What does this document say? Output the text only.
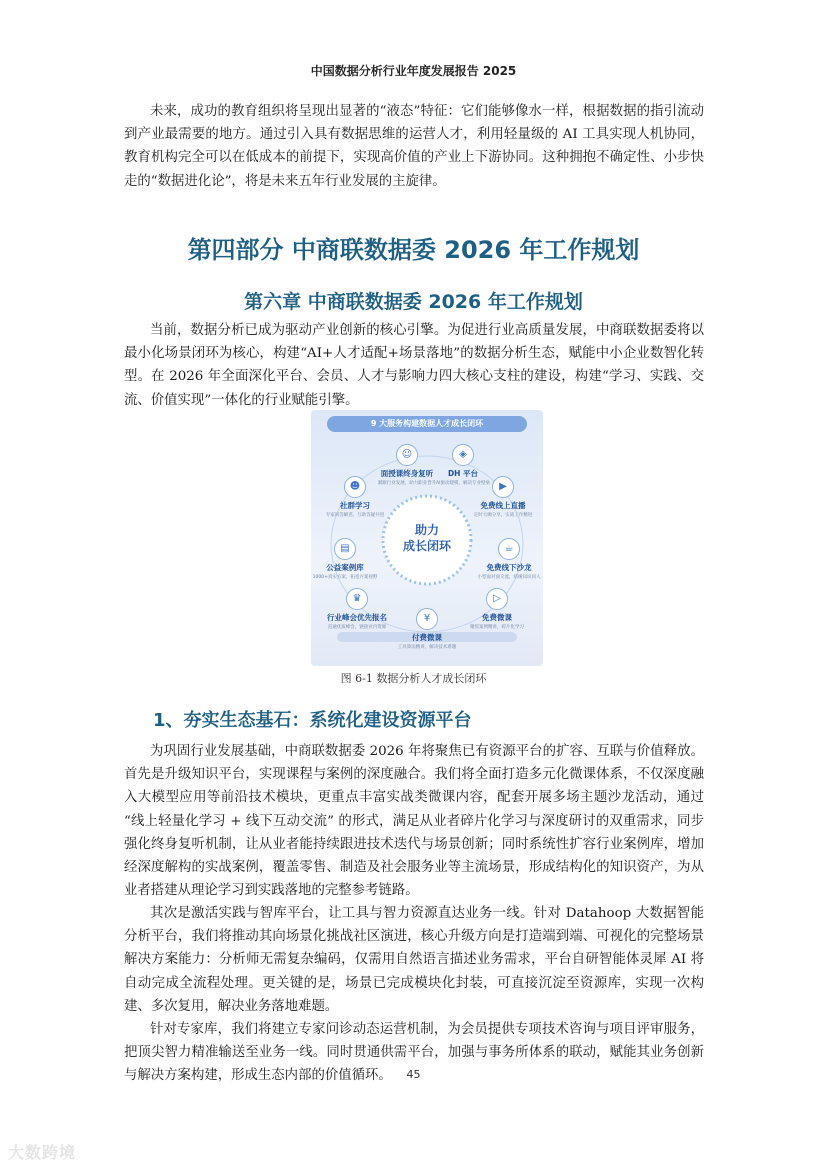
中国数据分析行业年度发展报告 2025

未来，成功的教育组织将呈现出显著的“液态”特征：它们能够像水一样，根据数据的指引流动到产业最需要的地方。通过引入具有数据思维的运营人才，利用轻量级的 AI 工具实现人机协同，教育机构完全可以在低成本的前提下，实现高价值的产业上下游协同。这种拥抱不确定性、小步快走的“数据进化论”，将是未来五年行业发展的主旋律。

第四部分 中商联数据委 2026 年工作规划
第六章 中商联数据委 2026 年工作规划

当前，数据分析已成为驱动产业创新的核心引擎。为促进行业高质量发展，中商联数据委将以 最小化场景闭环为核心，构建“AI+人才适配+场景落地”的数据分析生态，赋能中小企业数智化转型。在 2026 年全面深化平台、会员、人才与影响力四大核心支柱的建设，构建“学习、实践、交流、价值实现”一体化的行业赋能引擎。

9 大服务构建数据人才成长闭环
助力
成长闭环
☺
面授课终身复听
紧跟行业发展，助力职业晋升
◈
DH 平台
AI驱动建模，解决专业壁垒
☻
社群学习
专家问答解惑，互助答疑共进
▶
免费线上直播
定时大咖分享，实战工作精进
▤
公益案例库
1000+真实方案，拓宽方案视野
☕
免费线下沙龙
小型面对面交流，结缘知识同人
♛
行业峰会优先报名
直通优质峰会，链接业内资源
▷
免费微课
聚焦案例精讲，碎片化学习
¥
付费微课
工具算法精讲，解决技术难题
图 6-1 数据分析人才成长闭环
1、夯实生态基石：系统化建设资源平台

为巩固行业发展基础，中商联数据委 2026 年将聚焦已有资源平台的扩容、互联与价值释放。首先是升级知识平台，实现课程与案例的深度融合。我们将全面打造多元化微课体系，不仅深度融入大模型应用等前沿技术模块，更重点丰富实战类微课内容，配套开展多场主题沙龙活动，通过 “线上轻量化学习 + 线下互动交流” 的形式，满足从业者碎片化学习与深度研讨的双重需求，同步强化终身复听机制，让从业者能持续跟进技术迭代与场景创新；同时系统性扩容行业案例库，增加经深度解构的实战案例，覆盖零售、制造及社会服务业等主流场景，形成结构化的知识资产，为从业者搭建从理论学习到实践落地的完整参考链路。

其次是激活实践与智库平台，让工具与智力资源直达业务一线。针对 Datahoop 大数据智能分析平台，我们将推动其向场景化挑战社区演进，核心升级方向是打造端到端、可视化的完整场景解决方案能力：分析师无需复杂编码，仅需用自然语言描述业务需求，平台自研智能体灵犀 AI 将自动完成全流程处理。更关键的是，场景已完成模块化封装，可直接沉淀至资源库，实现一次构建、多次复用，解决业务落地难题。

针对专家库，我们将建立专家问诊动态运营机制，为会员提供专项技术咨询与项目评审服务，把顶尖智力精准输送至业务一线。同时贯通供需平台，加强与事务所体系的联动，赋能其业务创新与解决方案构建，形成生态内部的价值循环。	45
大数跨境
